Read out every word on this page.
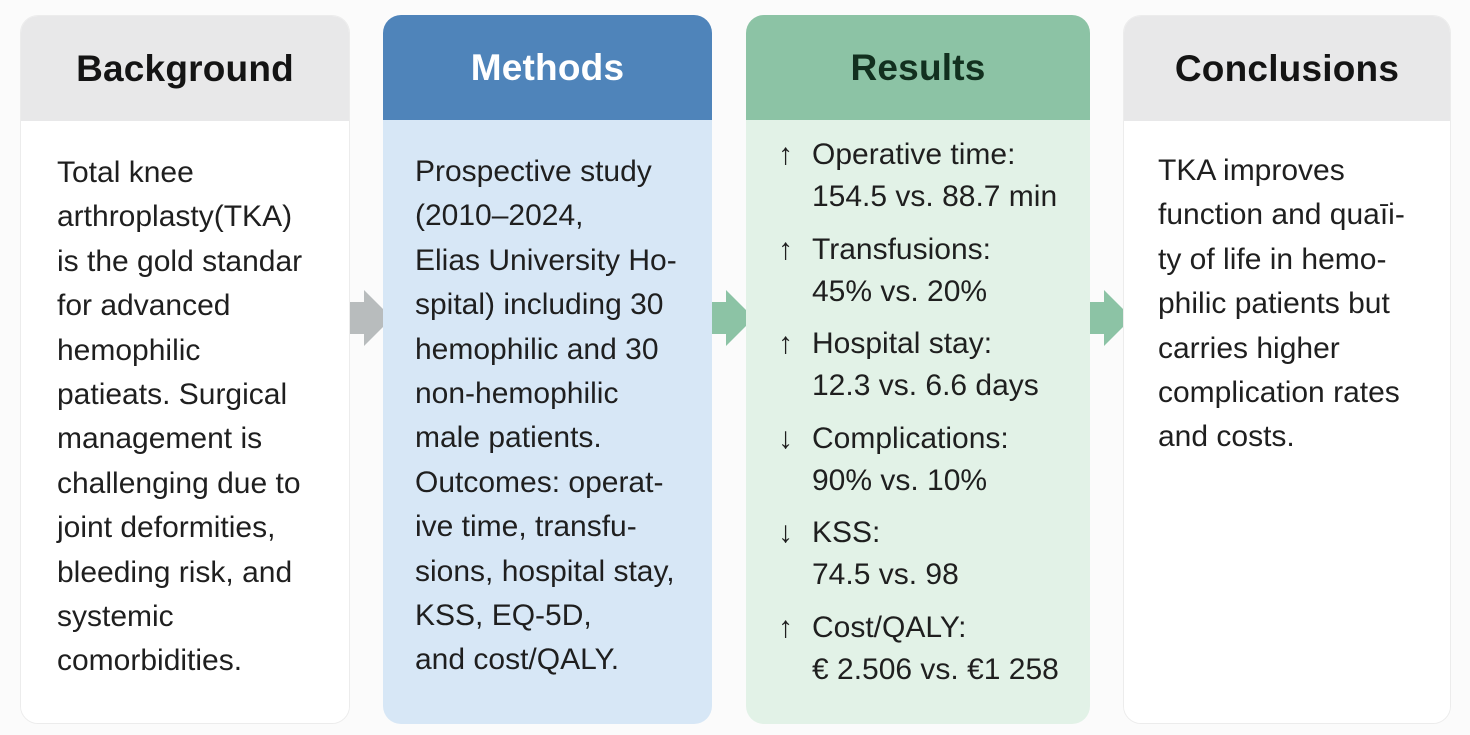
Background
Total knee
arthroplasty(TKA)
is the gold standar
for advanced
hemophilic
patieats. Surgical
management is
challenging due to
joint deformities,
bleeding risk, and
systemic
comorbidities.
Methods
Prospective study
(2010–2024,
Elias University Ho-
spital) including 30
hemophilic and 30
non-hemophilic
male patients.
Outcomes: operat-
ive time, transfu-
sions, hospital stay,
KSS, EQ-5D,
and cost/QALY.
Results
↑ Operative time:
154.5 vs. 88.7 min
↑ Transfusions:
45% vs. 20%
↑ Hospital stay:
12.3 vs. 6.6 days
↓ Complications:
90% vs. 10%
↓ KSS:
74.5 vs. 98
↑ Cost/QALY:
€ 2.506 vs. €1 258
Conclusions
TKA improves
function and quaīi-
ty of life in hemo-
philic patients but
carries higher
complication rates
and costs.
